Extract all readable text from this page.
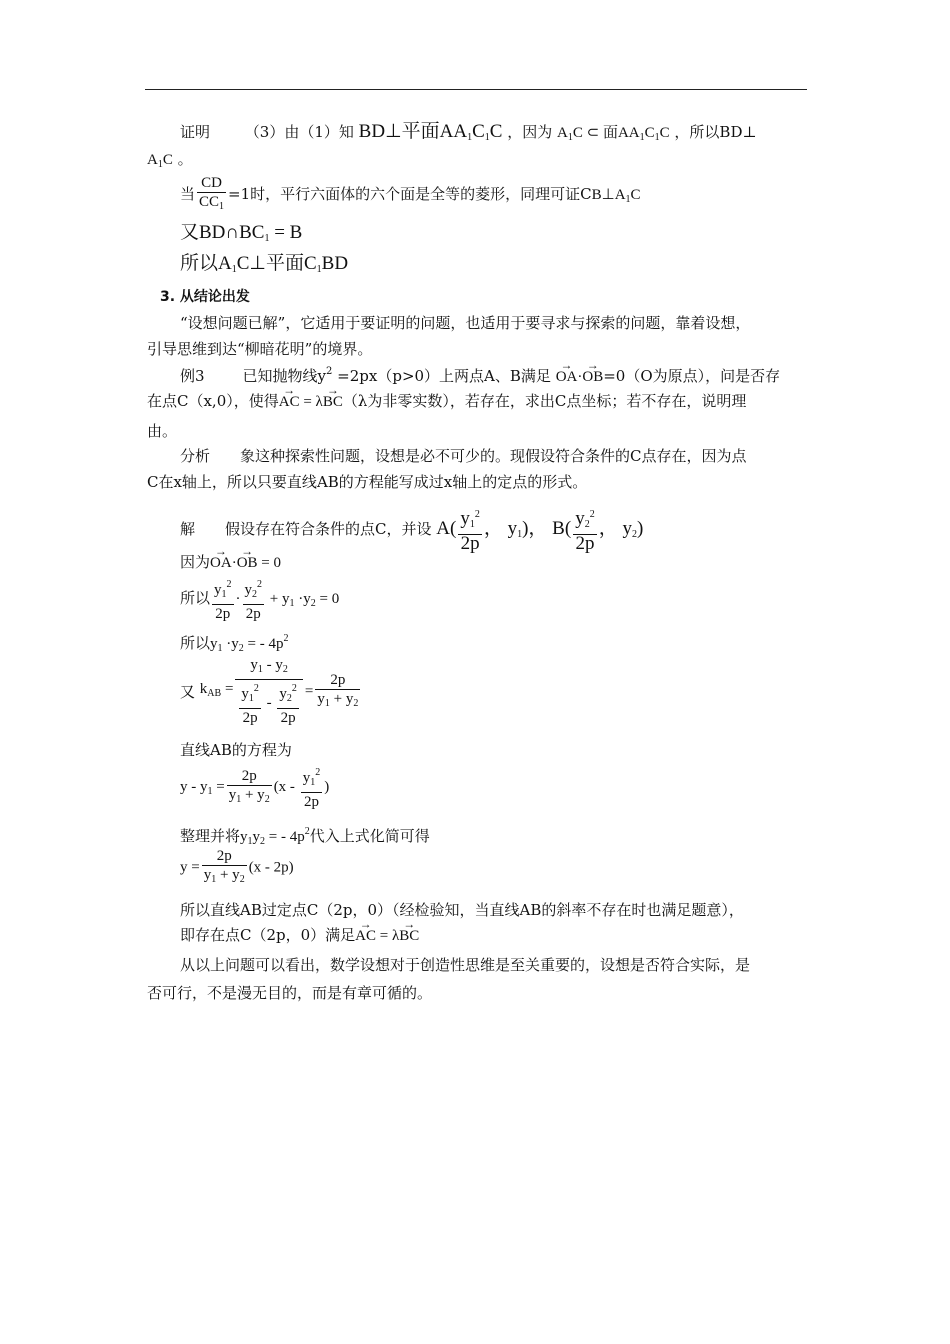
证明 （3）由（1）知 BD⊥平面$AA_1C_1C$ ，因为 $A_1C$ ⊂ 面$AA_1C_1C$ ，所以BD⊥
$A_1C$ 。
当 $\frac{CD}{CC_1} =1$时，平行六面体的六个面是全等的菱形，同理可证$CB\perp A_1C$
又$BD\cap BC_1 = B$
所以$A_1C\perp$平面$C_1BD$
3. 从结论出发
“设想问题已解”，它适用于要证明的问题，也适用于要寻求与探索的问题，靠着设想，
引导思维到达“柳暗花明”的境界。
例3	已知抛物线$y^2 =2px(p>0)$上两点A、B满足 → OA·→ OB=0（O为原点），问是否存
在点C（x,0），使得→ AC = λ→ BC（λ为非零实数），若存在，求出C点坐标；若不存在，说明理
由。
分析 象这种探索性问题，设想是必不可少的。现假设符合条件的C点存在，因为点
C在x轴上，所以只要直线AB的方程能写成过x轴上的定点的形式。
解 假设存在符合条件的点C，并设 $A( \frac{y_1^2}{2p}$ ， $y_1$)， $B( \frac{y_2^2}{2p}$ ， $y_2$)
因为→ OA·→ OB = 0
所以 $\frac{y_1^2}{2p} \cdot \frac{y_2^2}{2p} + y_1 \cdot y_2 = 0$
所以$y_1 \cdot y_2$ = - $4p^2$
又 $k_{AB} = \frac{y_1 - y_2}{\frac{y_1^2}{2p} - \frac{y_2^2}{2p}} = \frac{2p}{y_1 + y_2}$
直线AB的方程为
$y - y_1 = \frac{2p}{y_1 + y_2} (x - \frac{y_1^2}{2p}$ )
整理并将$y_1y_2$ = - $4p^2$代入上式化简可得
$y = \frac{2p}{y_1 + y_2} (x - 2p)$
所以直线AB过定点C（2p，0）（经检验知，当直线AB的斜率不存在时也满足题意），
即存在点C（2p，0）满足→ AC = λ→ BC
从以上问题可以看出，数学设想对于创造性思维是至关重要的，设想是否符合实际，是
否可行，不是漫无目的，而是有章可循的。
